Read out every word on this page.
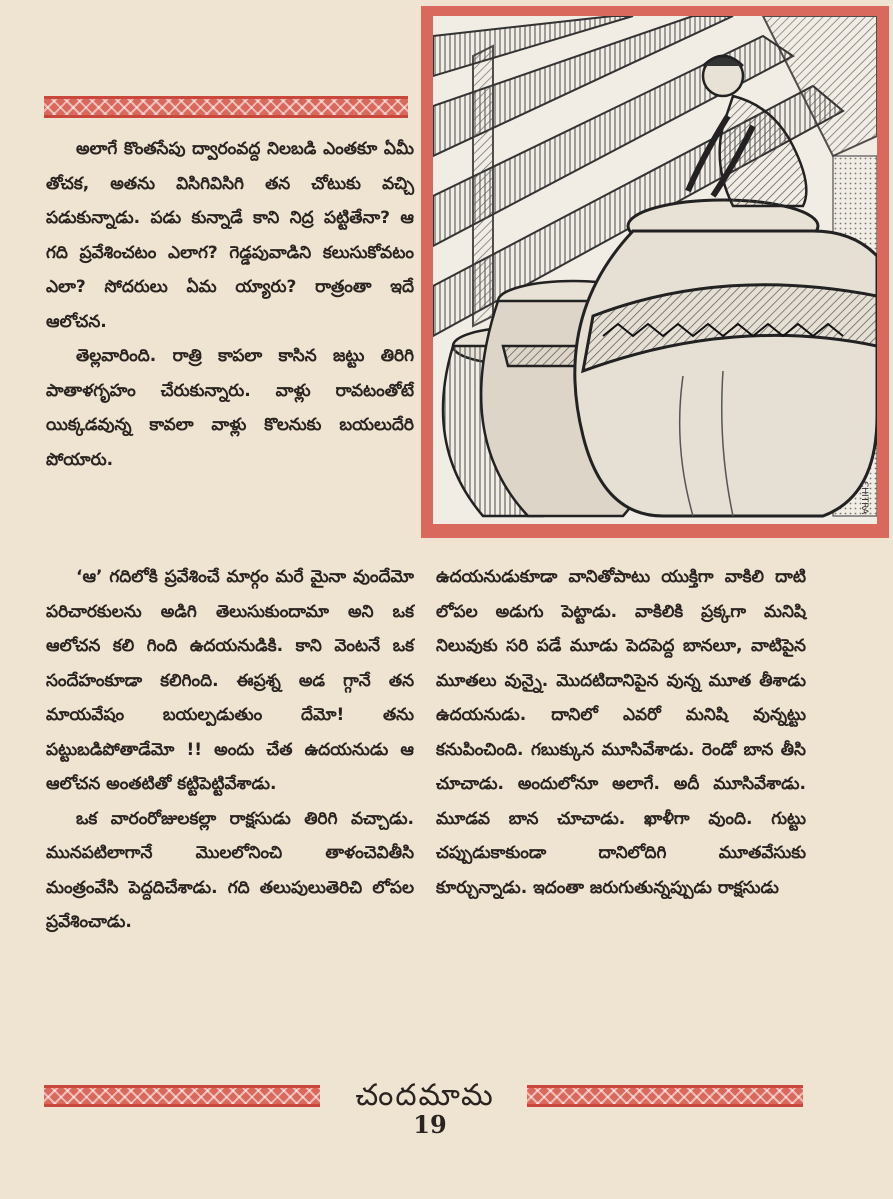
CHITRA

అలాగే కొంతసేపు ద్వారంవద్ద నిలబడి ఎంతకూ ఏమీ తోచక, అతను విసిగివిసిగి తన చోటుకు వచ్చి పడుకున్నాడు. పడు కున్నాడే కాని నిద్ర పట్టితేనా? ఆ గది ప్రవేశించటం ఎలాగ? గెడ్డపువాడిని కలుసుకోవటం ఎలా? సోదరులు ఏమ య్యారు? రాత్రంతా ఇదే ఆలోచన.

తెల్లవారింది. రాత్రి కాపలా కాసిన జట్టు తిరిగి పాతాళగృహం చేరుకున్నారు. వాళ్లు రావటంతోటే యిక్కడవున్న కావలా వాళ్లు కొలనుకు బయలుదేరి పోయారు.

‘ఆ’ గదిలోకి ప్రవేశించే మార్గం మరే మైనా వుందేమో పరిచారకులను అడిగి తెలుసుకుందామా అని ఒక ఆలోచన కలి గింది ఉదయనుడికి. కాని వెంటనే ఒక సందేహంకూడా కలిగింది. ఈప్రశ్న అడ గ్గానే తన మాయవేషం బయల్పడుతుం దేమో! తను పట్టుబడిపోతాడేమో !! అందు చేత ఉదయనుడు ఆ ఆలోచన అంతటితో కట్టిపెట్టివేశాడు.

ఒక వారంరోజులకల్లా రాక్షసుడు తిరిగి వచ్చాడు. మునపటిలాగానే మొలలోనించి తాళంచెవితీసి మంత్రంవేసి పెద్దదిచేశాడు. గది తలుపులుతెరిచి లోపల ప్రవేశించాడు.

ఉదయనుడుకూడా వానితోపాటు యుక్తిగా వాకిలి దాటి లోపల అడుగు పెట్టాడు. వాకిలికి ప్రక్కగా మనిషి నిలువుకు సరి పడే మూడు పెదపెద్ద బానలూ, వాటిపైన మూతలు వున్నై. మొదటిదానిపైన వున్న మూత తీశాడు ఉదయనుడు. దానిలో ఎవరో మనిషి వున్నట్టు కనుపించింది. గబుక్కున మూసివేశాడు. రెండో బాన తీసి చూచాడు. అందులోనూ అలాగే. అదీ మూసివేశాడు. మూడవ బాన చూచాడు. ఖాళీగా వుంది. గుట్టు చప్పుడుకాకుండా దానిలోదిగి మూతవేసుకు కూర్చున్నాడు. ఇదంతా జరుగుతున్నప్పుడు రాక్షసుడు

చందమామ
19
